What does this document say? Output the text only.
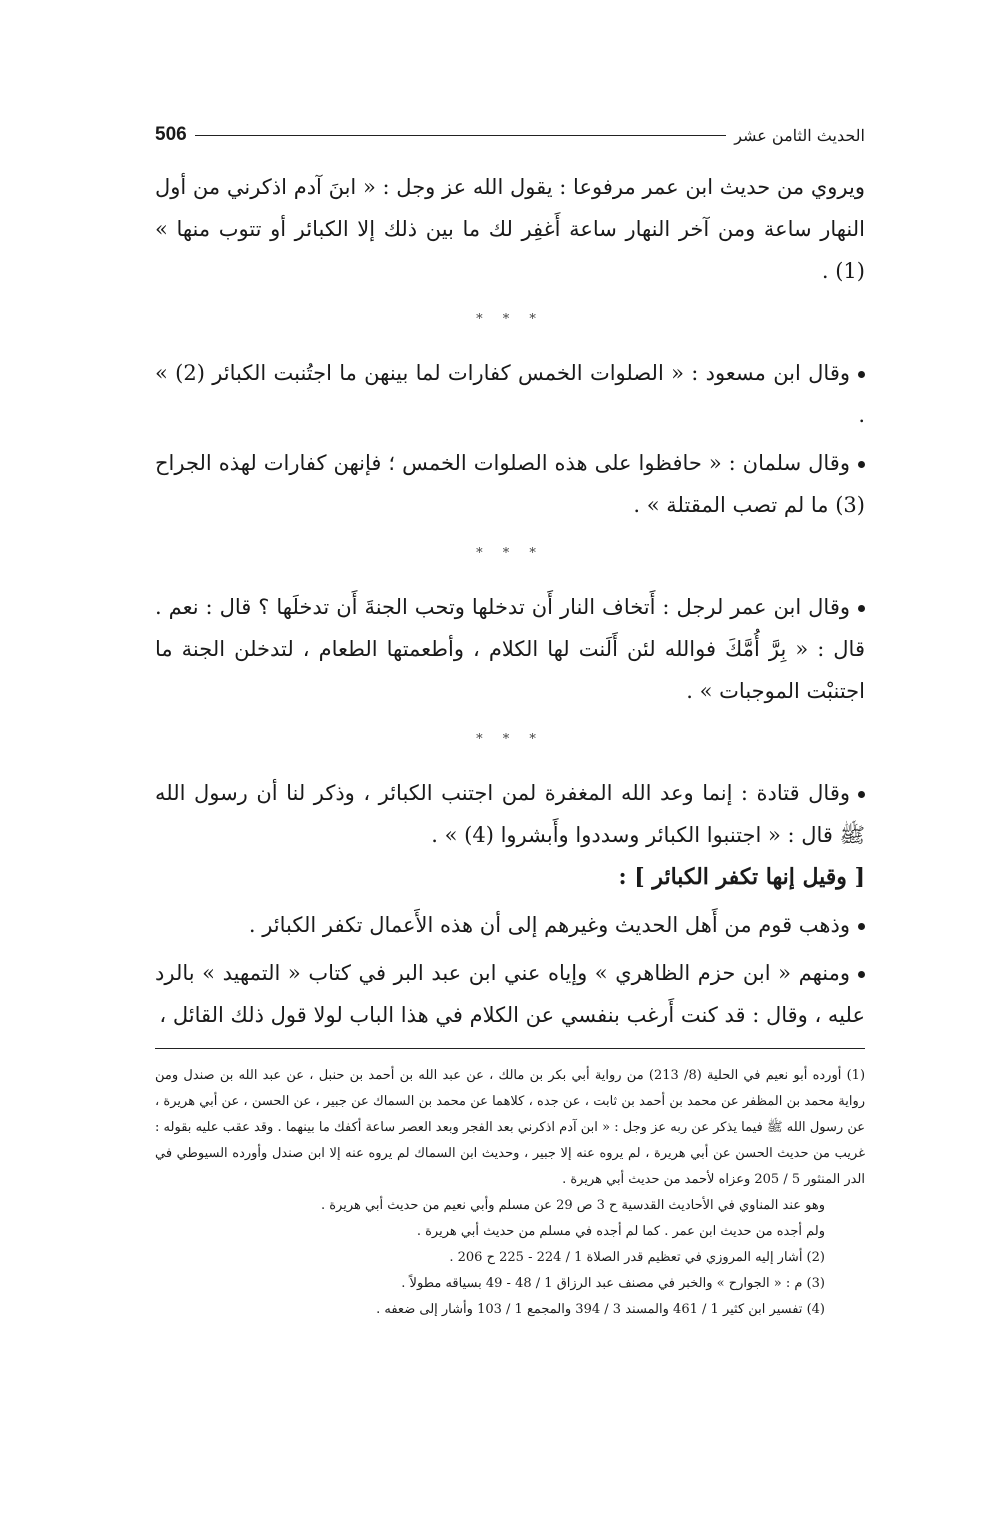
الحديث الثامن عشر
506

ويروي من حديث ابن عمر مرفوعا : يقول الله عز وجل : « ابنَ آدم اذكرني من أول النهار ساعة ومن آخر النهار ساعة أَغفِر لك ما بين ذلك إلا الكبائر أو تتوب منها » (1) .

* * *

وقال ابن مسعود : « الصلوات الخمس كفارات لما بينهن ما اجتُنبت الكبائر (2) » .

وقال سلمان : « حافظوا على هذه الصلوات الخمس ؛ فإنهن كفارات لهذه الجراح (3) ما لم تصب المقتلة » .

* * *

وقال ابن عمر لرجل : أَتخاف النار أَن تدخلها وتحب الجنةَ أَن تدخلَها ؟ قال : نعم . قال : « بِرَّ أُمَّكَ فوالله لئن أَلَنت لها الكلام ، وأطعمتها الطعام ، لتدخلن الجنة ما اجتنبْت الموجبات » .

* * *

وقال قتادة : إنما وعد الله المغفرة لمن اجتنب الكبائر ، وذكر لنا أن رسول الله ﷺ قال : « اجتنبوا الكبائر وسددوا وأَبشروا (4) » .

[ وقيل إنها تكفر الكبائر ] :

وذهب قوم من أَهل الحديث وغيرهم إلى أن هذه الأَعمال تكفر الكبائر .

ومنهم « ابن حزم الظاهري » وإياه عني ابن عبد البر في كتاب « التمهيد » بالرد عليه ، وقال : قد كنت أَرغب بنفسي عن الكلام في هذا الباب لولا قول ذلك القائل ،

(1) أورده أبو نعيم في الحلية (8/ 213) من رواية أبي بكر بن مالك ، عن عبد الله بن أحمد بن حنبل ، عن عبد الله بن صندل ومن رواية محمد بن المظفر عن محمد بن أحمد بن ثابت ، عن جده ، كلاهما عن محمد بن السماك عن جبير ، عن الحسن ، عن أبي هريرة ، عن رسول الله ﷺ فيما يذكر عن ربه عز وجل : « ابن آدم اذكرني بعد الفجر وبعد العصر ساعة أكفك ما بينهما . وقد عقب عليه بقوله : غريب من حديث الحسن عن أبي هريرة ، لم يروه عنه إلا جبير ، وحديث ابن السماك لم يروه عنه إلا ابن صندل وأورده السيوطي في الدر المنثور 5 / 205 وعزاه لأحمد من حديث أبي هريرة .

وهو عند المناوي في الأحاديث القدسية ح 3 ص 29 عن مسلم وأبي نعيم من حديث أبي هريرة .

ولم أجده من حديث ابن عمر . كما لم أجده في مسلم من حديث أبي هريرة .

(2) أشار إليه المروزي في تعظيم قدر الصلاة 1 / 224 - 225 ح 206 .

(3) م : « الجوارح » والخبر في مصنف عبد الرزاق 1 / 48 - 49 بسياقه مطولاً .

(4) تفسير ابن كثير 1 / 461 والمسند 3 / 394 والمجمع 1 / 103 وأشار إلى ضعفه .
